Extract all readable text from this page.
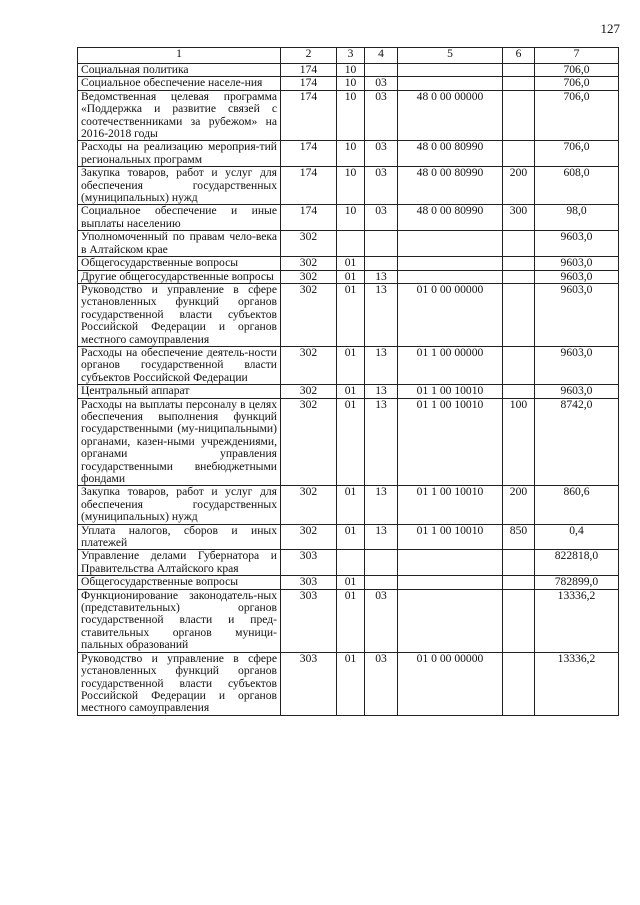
127
1	2	3	4	5	6	7
Социальная политика	174	10				706,0
Социальное обеспечение населе-ния	174	10	03			706,0
Ведомственная целевая программа «Поддержка и развитие связей с соотечественниками за рубежом» на 2016-2018 годы	174	10	03	48 0 00 00000		706,0
Расходы на реализацию мероприя-тий региональных программ	174	10	03	48 0 00 80990		706,0
Закупка товаров, работ и услуг для обеспечения государственных (муниципальных) нужд	174	10	03	48 0 00 80990	200	608,0
Социальное обеспечение и иные выплаты населению	174	10	03	48 0 00 80990	300	98,0
Уполномоченный по правам чело-века в Алтайском крае	302					9603,0
Общегосударственные вопросы	302	01				9603,0
Другие общегосударственные вопросы	302	01	13			9603,0
Руководство и управление в сфере установленных функций органов государственной власти субъектов Российской Федерации и органов местного самоуправления	302	01	13	01 0 00 00000		9603,0
Расходы на обеспечение деятель-ности органов государственной власти субъектов Российской Федерации	302	01	13	01 1 00 00000		9603,0
Центральный аппарат	302	01	13	01 1 00 10010		9603,0
Расходы на выплаты персоналу в целях обеспечения выполнения функций государственными (му-ниципальными) органами, казен-ными учреждениями, органами управления государственными внебюджетными фондами	302	01	13	01 1 00 10010	100	8742,0
Закупка товаров, работ и услуг для обеспечения государственных (муниципальных) нужд	302	01	13	01 1 00 10010	200	860,6
Уплата налогов, сборов и иных платежей	302	01	13	01 1 00 10010	850	0,4
Управление делами Губернатора и Правительства Алтайского края	303					822818,0
Общегосударственные вопросы	303	01				782899,0
Функционирование законодатель-ных (представительных) органов государственной власти и пред-ставительных органов муници-пальных образований	303	01	03			13336,2
Руководство и управление в сфере установленных функций органов государственной власти субъектов Российской Федерации и органов местного самоуправления	303	01	03	01 0 00 00000		13336,2
